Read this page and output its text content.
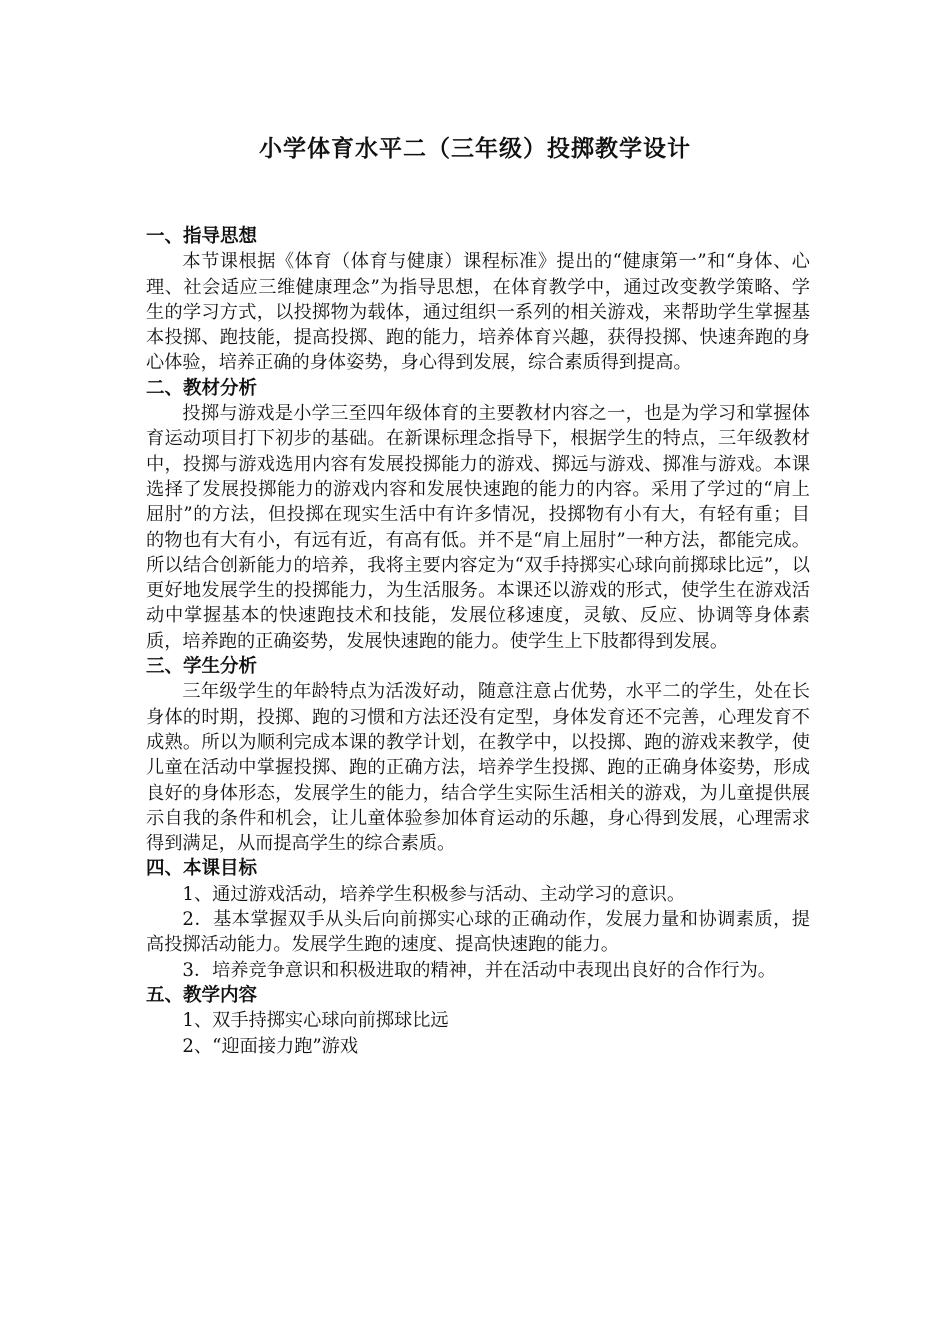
小学体育水平二（三年级）投掷教学设计

一、指导思想

本节课根据《体育（体育与健康）课程标准》提出的“健康第一”和“身体、心理、社会适应三维健康理念”为指导思想，在体育教学中，通过改变教学策略、学生的学习方式，以投掷物为载体，通过组织一系列的相关游戏，来帮助学生掌握基本投掷、跑技能，提高投掷、跑的能力，培养体育兴趣，获得投掷、快速奔跑的身心体验，培养正确的身体姿势，身心得到发展，综合素质得到提高。

二、教材分析

投掷与游戏是小学三至四年级体育的主要教材内容之一，也是为学习和掌握体育运动项目打下初步的基础。在新课标理念指导下，根据学生的特点，三年级教材中，投掷与游戏选用内容有发展投掷能力的游戏、掷远与游戏、掷准与游戏。本课选择了发展投掷能力的游戏内容和发展快速跑的能力的内容。采用了学过的“肩上屈肘”的方法，但投掷在现实生活中有许多情况，投掷物有小有大，有轻有重；目的物也有大有小，有远有近，有高有低。并不是“肩上屈肘”一种方法，都能完成。所以结合创新能力的培养，我将主要内容定为“双手持掷实心球向前掷球比远”，以更好地发展学生的投掷能力，为生活服务。本课还以游戏的形式，使学生在游戏活动中掌握基本的快速跑技术和技能，发展位移速度，灵敏、反应、协调等身体素质，培养跑的正确姿势，发展快速跑的能力。使学生上下肢都得到发展。

三、学生分析

三年级学生的年龄特点为活泼好动，随意注意占优势，水平二的学生，处在长身体的时期，投掷、跑的习惯和方法还没有定型，身体发育还不完善，心理发育不成熟。所以为顺利完成本课的教学计划，在教学中，以投掷、跑的游戏来教学，使儿童在活动中掌握投掷、跑的正确方法，培养学生投掷、跑的正确身体姿势，形成良好的身体形态，发展学生的能力，结合学生实际生活相关的游戏，为儿童提供展示自我的条件和机会，让儿童体验参加体育运动的乐趣，身心得到发展，心理需求得到满足，从而提高学生的综合素质。

四、本课目标

1、通过游戏活动，培养学生积极参与活动、主动学习的意识。

2．基本掌握双手从头后向前掷实心球的正确动作，发展力量和协调素质，提高投掷活动能力。发展学生跑的速度、提高快速跑的能力。

3．培养竞争意识和积极进取的精神，并在活动中表现出良好的合作行为。

五、教学内容

1、双手持掷实心球向前掷球比远

2、“迎面接力跑”游戏
